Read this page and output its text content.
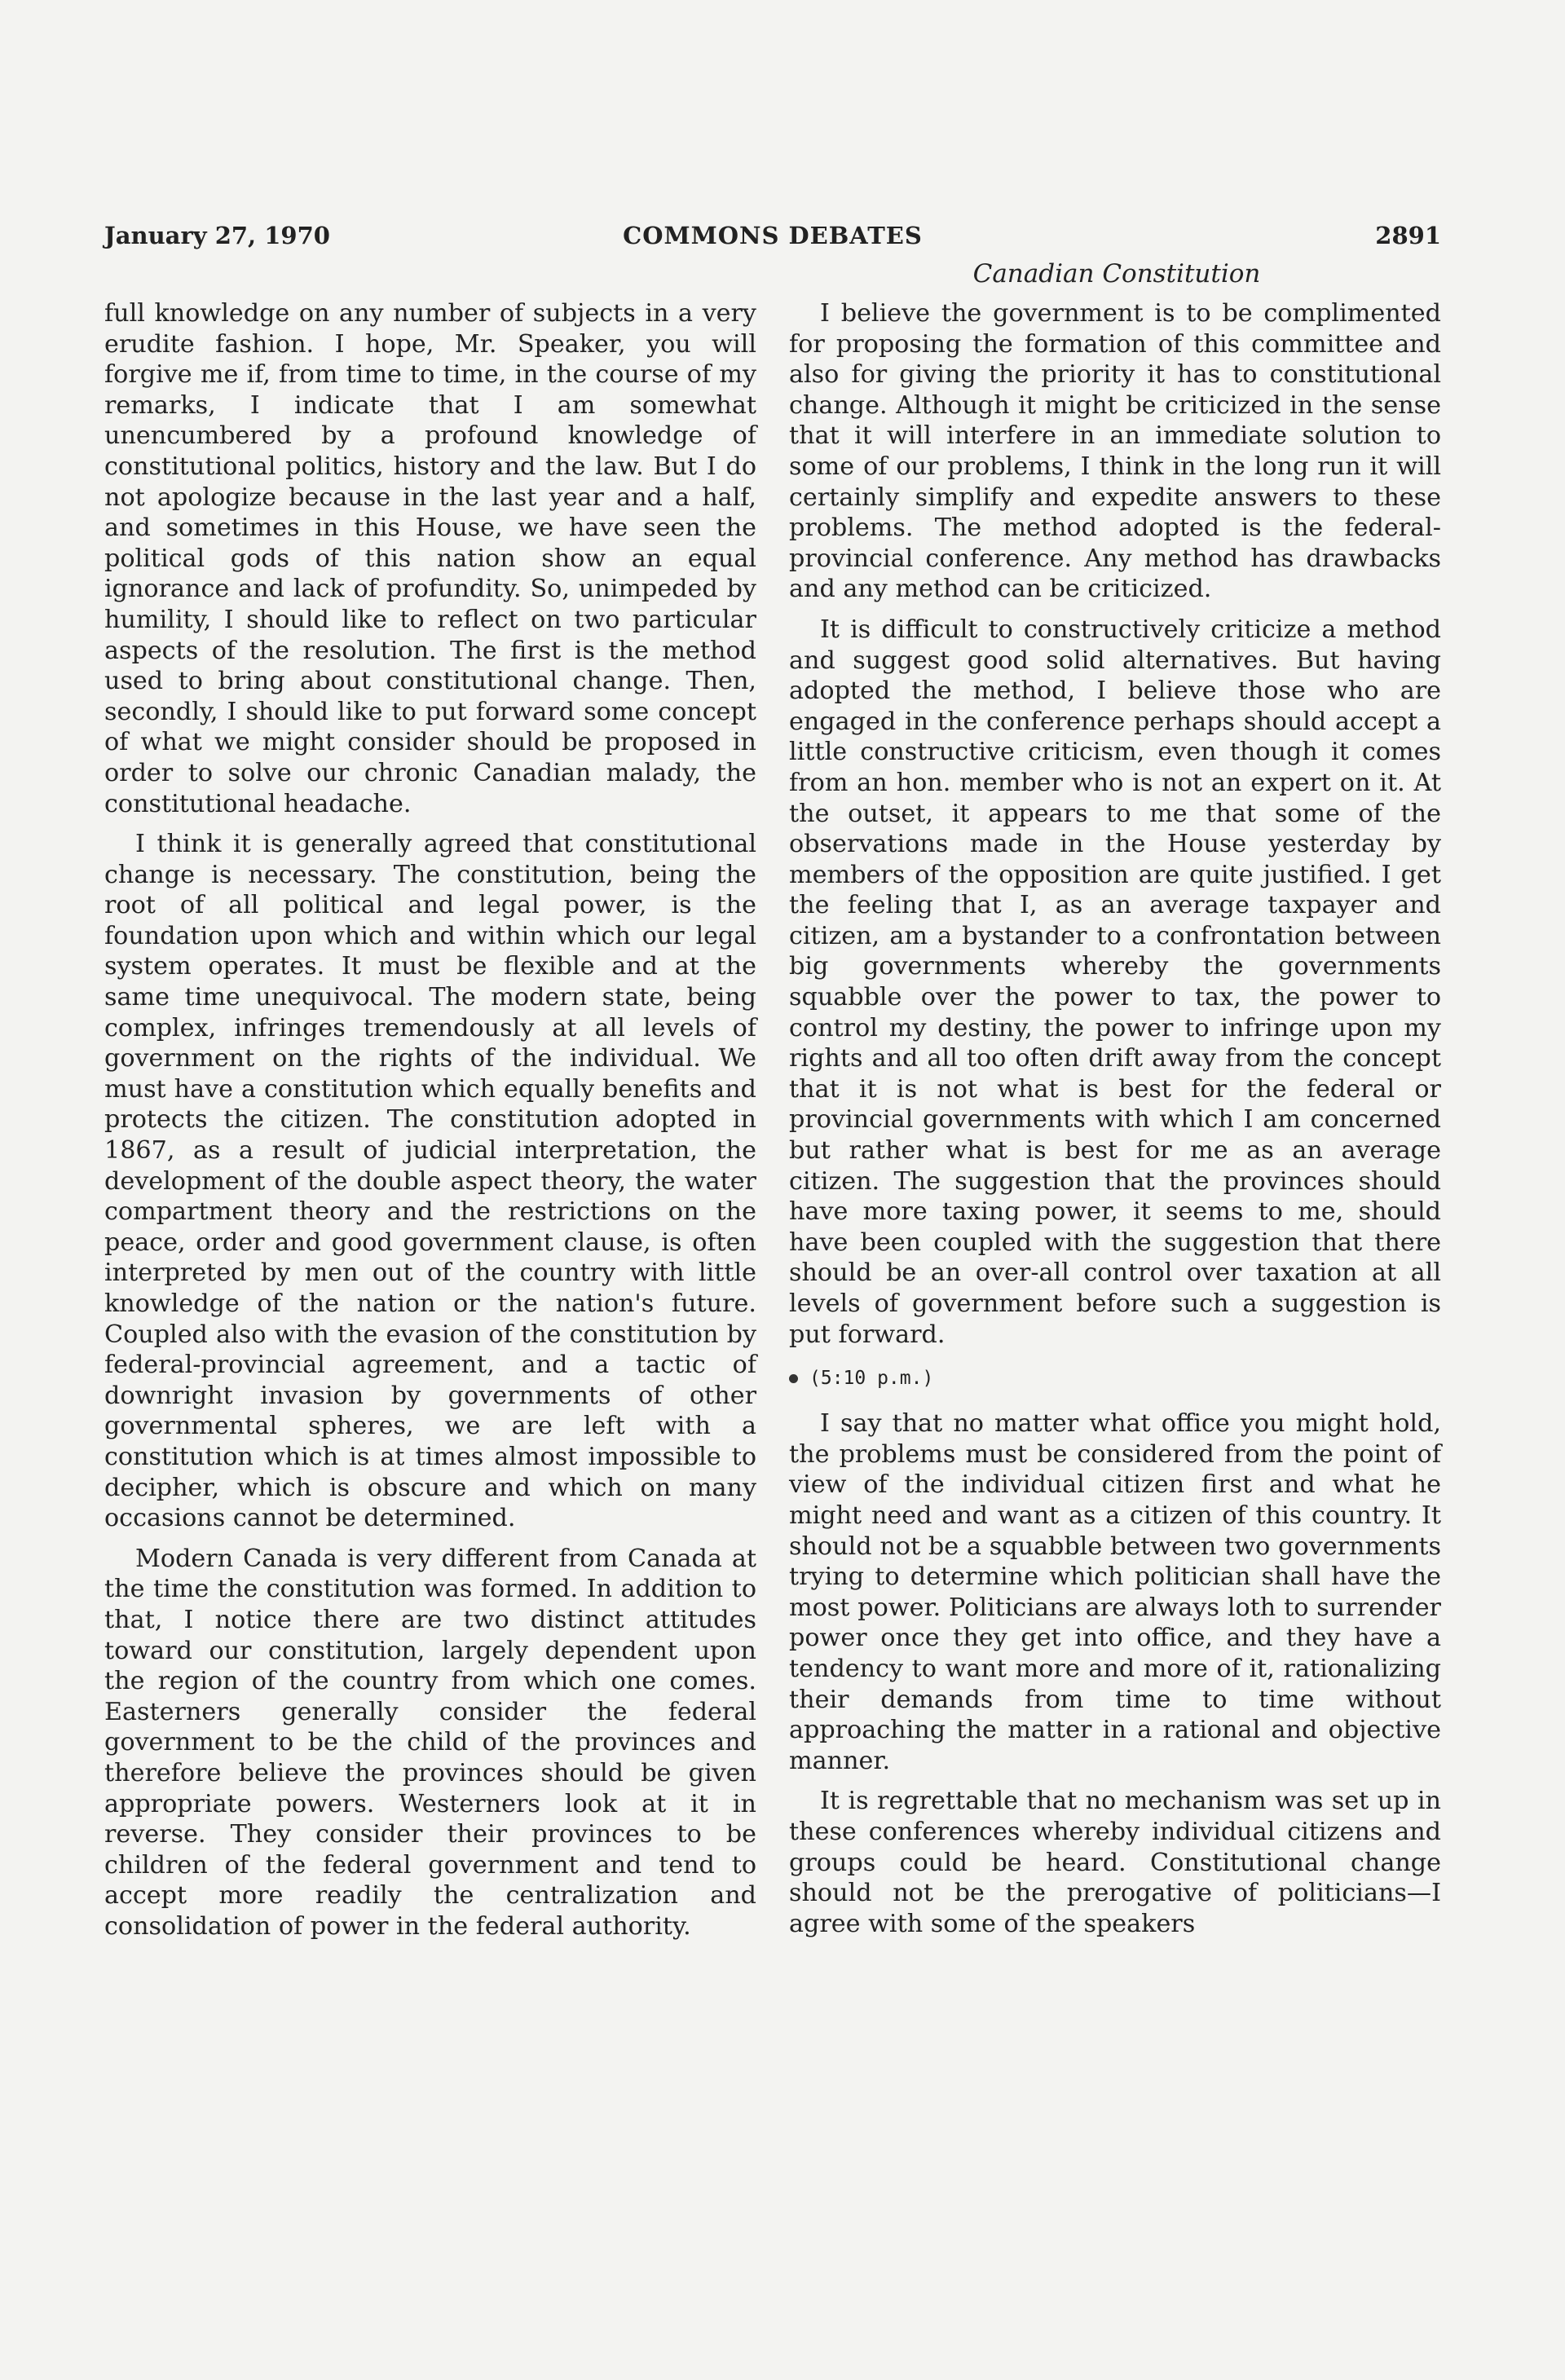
January 27, 1970	COMMONS DEBATES	2891
Canadian Constitution

full knowledge on any number of subjects in a very erudite fashion. I hope, Mr. Speaker, you will forgive me if, from time to time, in the course of my remarks, I indicate that I am somewhat unencumbered by a profound knowledge of constitutional politics, history and the law. But I do not apologize because in the last year and a half, and sometimes in this House, we have seen the political gods of this nation show an equal ignorance and lack of profundity. So, unimpeded by humility, I should like to reflect on two particular aspects of the resolution. The first is the method used to bring about constitutional change. Then, secondly, I should like to put forward some concept of what we might consider should be proposed in order to solve our chronic Canadian malady, the constitutional headache.

I think it is generally agreed that constitutional change is necessary. The constitution, being the root of all political and legal power, is the foundation upon which and within which our legal system operates. It must be flexible and at the same time unequivocal. The modern state, being complex, infringes tremendously at all levels of government on the rights of the individual. We must have a constitution which equally benefits and protects the citizen. The constitution adopted in 1867, as a result of judicial interpretation, the development of the double aspect theory, the water compartment theory and the restrictions on the peace, order and good government clause, is often interpreted by men out of the country with little knowledge of the nation or the nation's future. Coupled also with the evasion of the constitution by federal-provincial agreement, and a tactic of downright invasion by governments of other governmental spheres, we are left with a constitution which is at times almost impossible to decipher, which is obscure and which on many occasions cannot be determined.

Modern Canada is very different from Canada at the time the constitution was formed. In addition to that, I notice there are two distinct attitudes toward our constitution, largely dependent upon the region of the country from which one comes. Easterners generally consider the federal government to be the child of the provinces and therefore believe the provinces should be given appropriate powers. Westerners look at it in reverse. They consider their provinces to be children of the federal government and tend to accept more readily the centralization and consolidation of power in the federal authority.

I believe the government is to be complimented for proposing the formation of this committee and also for giving the priority it has to constitutional change. Although it might be criticized in the sense that it will interfere in an immediate solution to some of our problems, I think in the long run it will certainly simplify and expedite answers to these problems. The method adopted is the federal-provincial conference. Any method has drawbacks and any method can be criticized.

It is difficult to constructively criticize a method and suggest good solid alternatives. But having adopted the method, I believe those who are engaged in the conference perhaps should accept a little constructive criticism, even though it comes from an hon. member who is not an expert on it. At the outset, it appears to me that some of the observations made in the House yesterday by members of the opposition are quite justified. I get the feeling that I, as an average taxpayer and citizen, am a bystander to a confrontation between big governments whereby the governments squabble over the power to tax, the power to control my destiny, the power to infringe upon my rights and all too often drift away from the concept that it is not what is best for the federal or provincial governments with which I am concerned but rather what is best for me as an average citizen. The suggestion that the provinces should have more taxing power, it seems to me, should have been coupled with the suggestion that there should be an over-all control over taxation at all levels of government before such a suggestion is put forward.

(5:10 p.m.)

I say that no matter what office you might hold, the problems must be considered from the point of view of the individual citizen first and what he might need and want as a citizen of this country. It should not be a squabble between two governments trying to determine which politician shall have the most power. Politicians are always loth to surrender power once they get into office, and they have a tendency to want more and more of it, rationalizing their demands from time to time without approaching the matter in a rational and objective manner.

It is regrettable that no mechanism was set up in these conferences whereby individual citizens and groups could be heard. Constitutional change should not be the prerogative of politicians—I agree with some of the speakers
